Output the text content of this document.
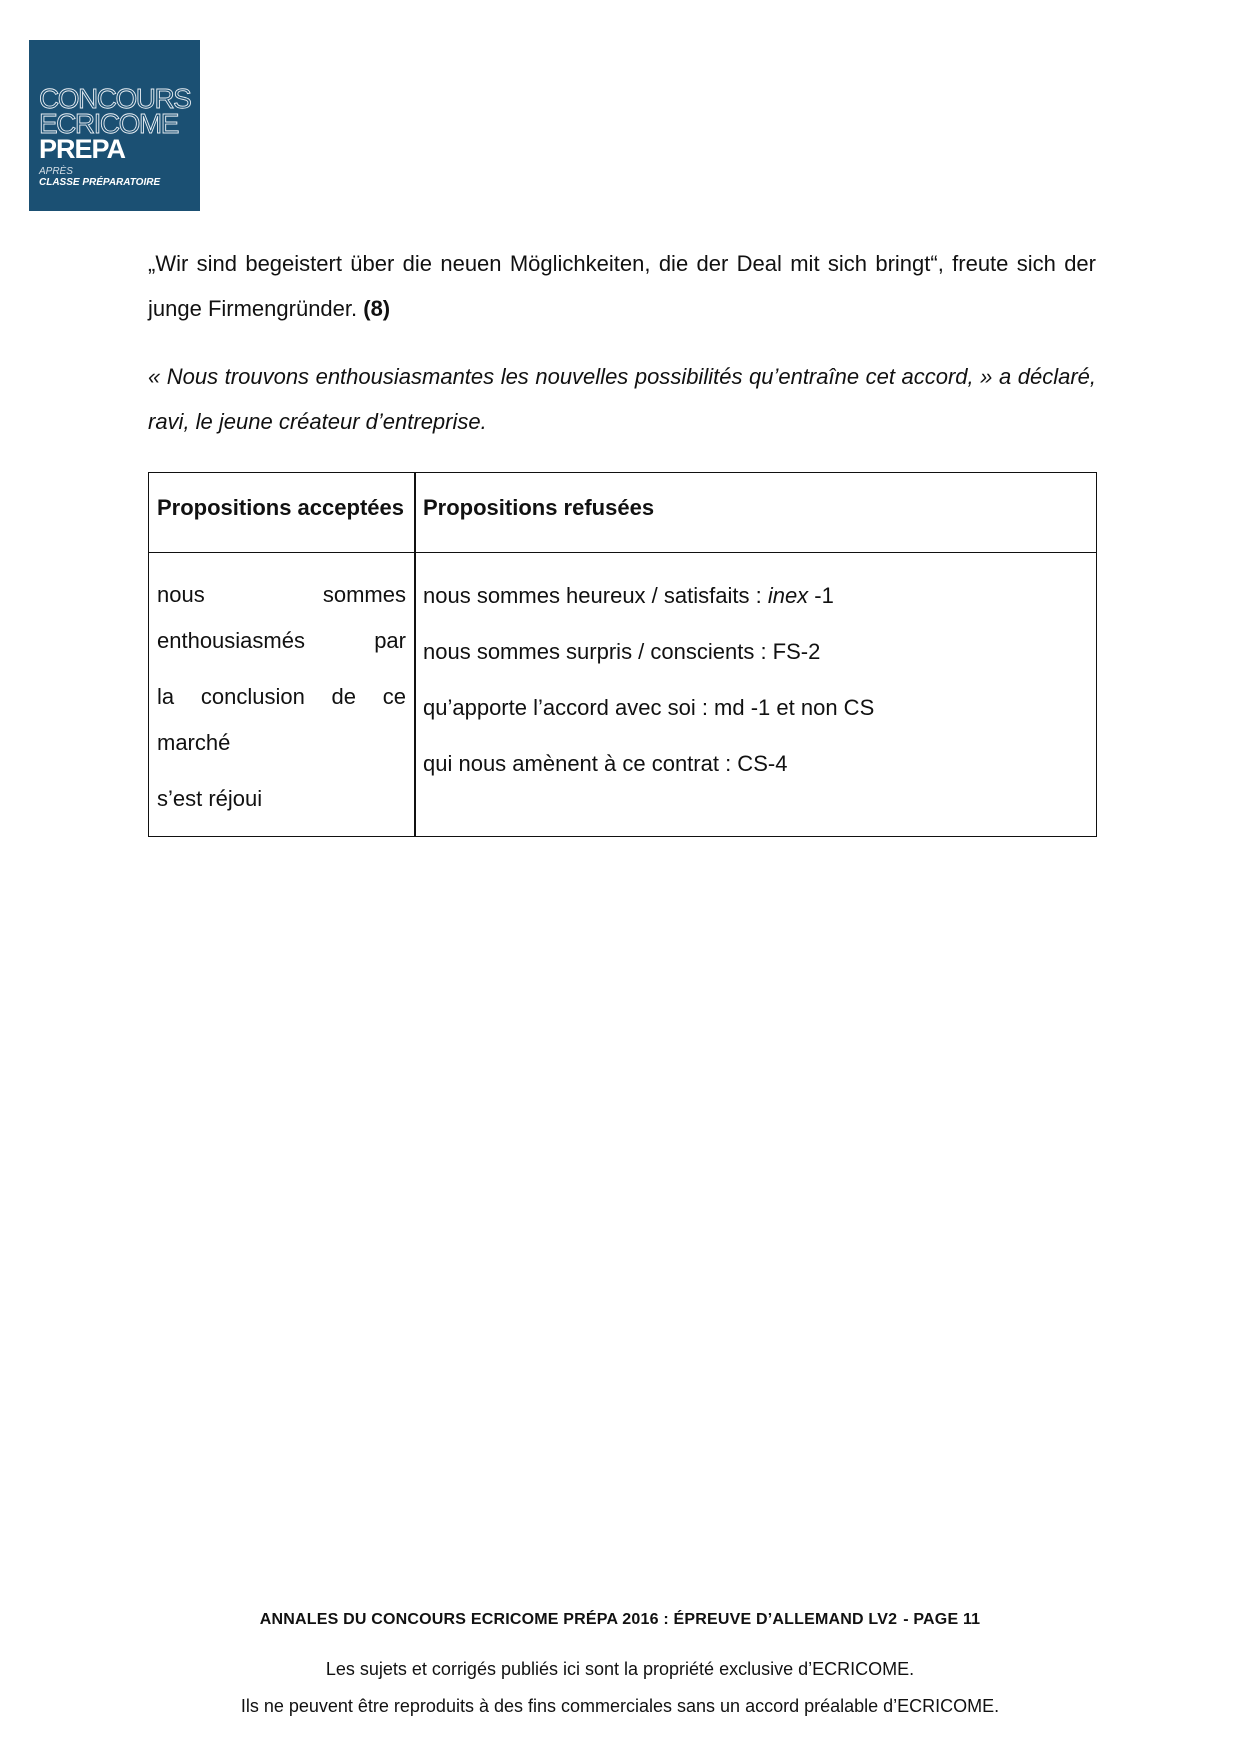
CONCOURS
ECRICOME
PREPA
APRÈS
CLASSE PRÉPARATOIRE
„Wir sind begeistert über die neuen Möglichkeiten, die der Deal mit sich bringt“, freute sich der junge Firmengründer. (8)
« Nous trouvons enthousiasmantes les nouvelles possibilités qu’entraîne cet accord, » a déclaré, ravi, le jeune créateur d’entreprise.
Propositions acceptées Propositions refusées
nous sommes enthousiasmés par
la conclusion de ce marché
s’est réjoui
nous sommes heureux / satisfaits : inex -1
nous sommes surpris / conscients : FS-2
qu’apporte l’accord avec soi : md -1 et non CS
qui nous amènent à ce contrat : CS-4
ANNALES DU CONCOURS ECRICOME PRÉPA 2016 : ÉPREUVE D’ALLEMAND LV2 - PAGE 11
Les sujets et corrigés publiés ici sont la propriété exclusive d’ECRICOME.
Ils ne peuvent être reproduits à des fins commerciales sans un accord préalable d’ECRICOME.
